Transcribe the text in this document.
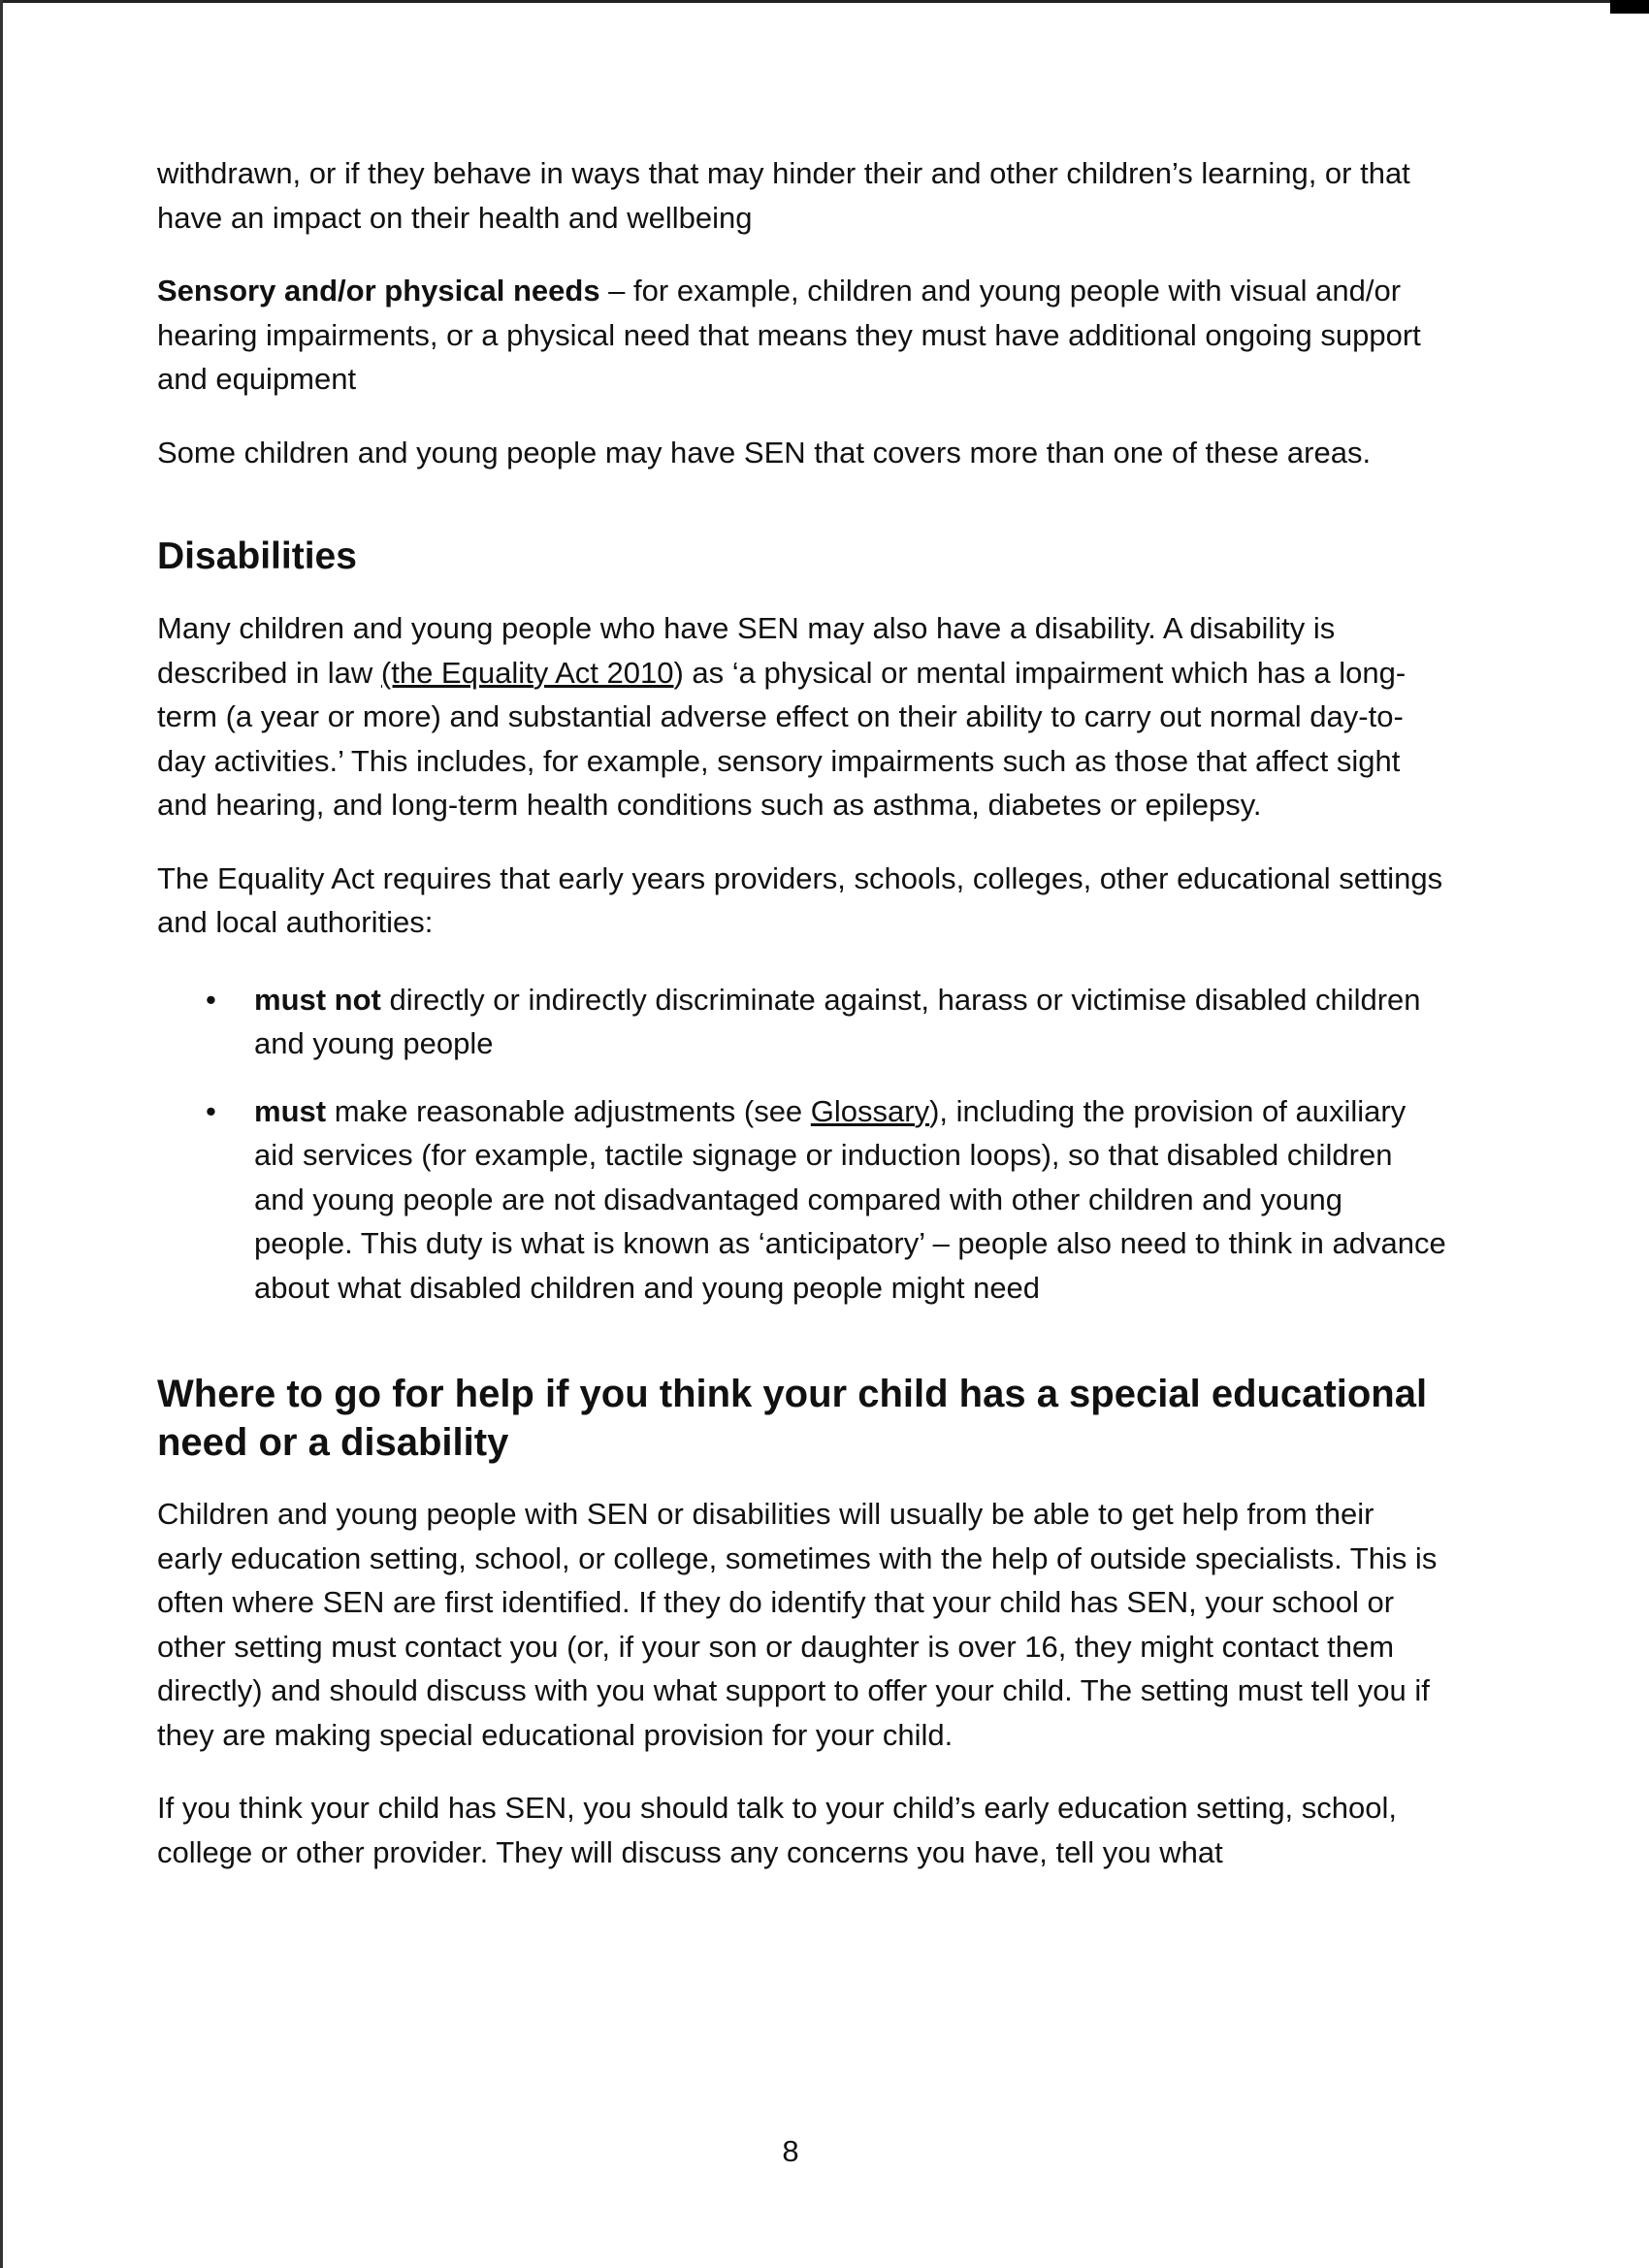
withdrawn, or if they behave in ways that may hinder their and other children’s learning, or that have an impact on their health and wellbeing

Sensory and/or physical needs – for example, children and young people with visual and/or hearing impairments, or a physical need that means they must have additional ongoing support and equipment

Some children and young people may have SEN that covers more than one of these areas.

Disabilities

Many children and young people who have SEN may also have a disability. A disability is described in law (the Equality Act 2010) as ‘a physical or mental impairment which has a long-term (a year or more) and substantial adverse effect on their ability to carry out normal day-to-day activities.’ This includes, for example, sensory impairments such as those that affect sight and hearing, and long-term health conditions such as asthma, diabetes or epilepsy.

The Equality Act requires that early years providers, schools, colleges, other educational settings and local authorities:

• must not directly or indirectly discriminate against, harass or victimise disabled children and young people
• must make reasonable adjustments (see Glossary), including the provision of auxiliary aid services (for example, tactile signage or induction loops), so that disabled children and young people are not disadvantaged compared with other children and young people. This duty is what is known as ‘anticipatory’ – people also need to think in advance about what disabled children and young people might need
Where to go for help if you think your child has a special educational need or a disability

Children and young people with SEN or disabilities will usually be able to get help from their early education setting, school, or college, sometimes with the help of outside specialists. This is often where SEN are first identified. If they do identify that your child has SEN, your school or other setting must contact you (or, if your son or daughter is over 16, they might contact them directly) and should discuss with you what support to offer your child. The setting must tell you if they are making special educational provision for your child.

If you think your child has SEN, you should talk to your child’s early education setting, school, college or other provider. They will discuss any concerns you have, tell you what

8
